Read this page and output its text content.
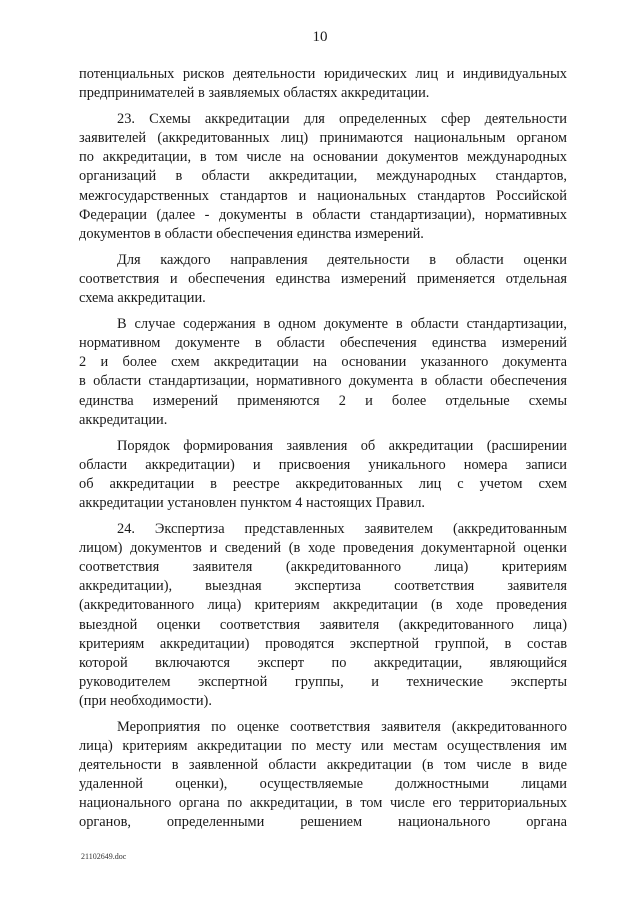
10

потенциальных рисков деятельности юридических лиц и индивидуальных
предпринимателей в заявляемых областях аккредитации.

23. Схемы аккредитации для определенных сфер деятельности
заявителей (аккредитованных лиц) принимаются национальным органом
по аккредитации, в том числе на основании документов международных
организаций в области аккредитации, международных стандартов,
межгосударственных стандартов и национальных стандартов Российской
Федерации (далее - документы в области стандартизации), нормативных
документов в области обеспечения единства измерений.

Для каждого направления деятельности в области оценки
соответствия и обеспечения единства измерений применяется отдельная
схема аккредитации.

В случае содержания в одном документе в области стандартизации,
нормативном документе в области обеспечения единства измерений
2 и более схем аккредитации на основании указанного документа
в области стандартизации, нормативного документа в области обеспечения
единства измерений применяются 2 и более отдельные схемы
аккредитации.

Порядок формирования заявления об аккредитации (расширении
области аккредитации) и присвоения уникального номера записи
об аккредитации в реестре аккредитованных лиц с учетом схем
аккредитации установлен пунктом 4 настоящих Правил.

24. Экспертиза представленных заявителем (аккредитованным
лицом) документов и сведений (в ходе проведения документарной оценки
соответствия заявителя (аккредитованного лица) критериям
аккредитации), выездная экспертиза соответствия заявителя
(аккредитованного лица) критериям аккредитации (в ходе проведения
выездной оценки соответствия заявителя (аккредитованного лица)
критериям аккредитации) проводятся экспертной группой, в состав
которой включаются эксперт по аккредитации, являющийся
руководителем экспертной группы, и технические эксперты
(при необходимости).

Мероприятия по оценке соответствия заявителя (аккредитованного
лица) критериям аккредитации по месту или местам осуществления им
деятельности в заявленной области аккредитации (в том числе в виде
удаленной оценки), осуществляемые должностными лицами
национального органа по аккредитации, в том числе его территориальных
органов, определенными решением национального органа

21102649.doc
